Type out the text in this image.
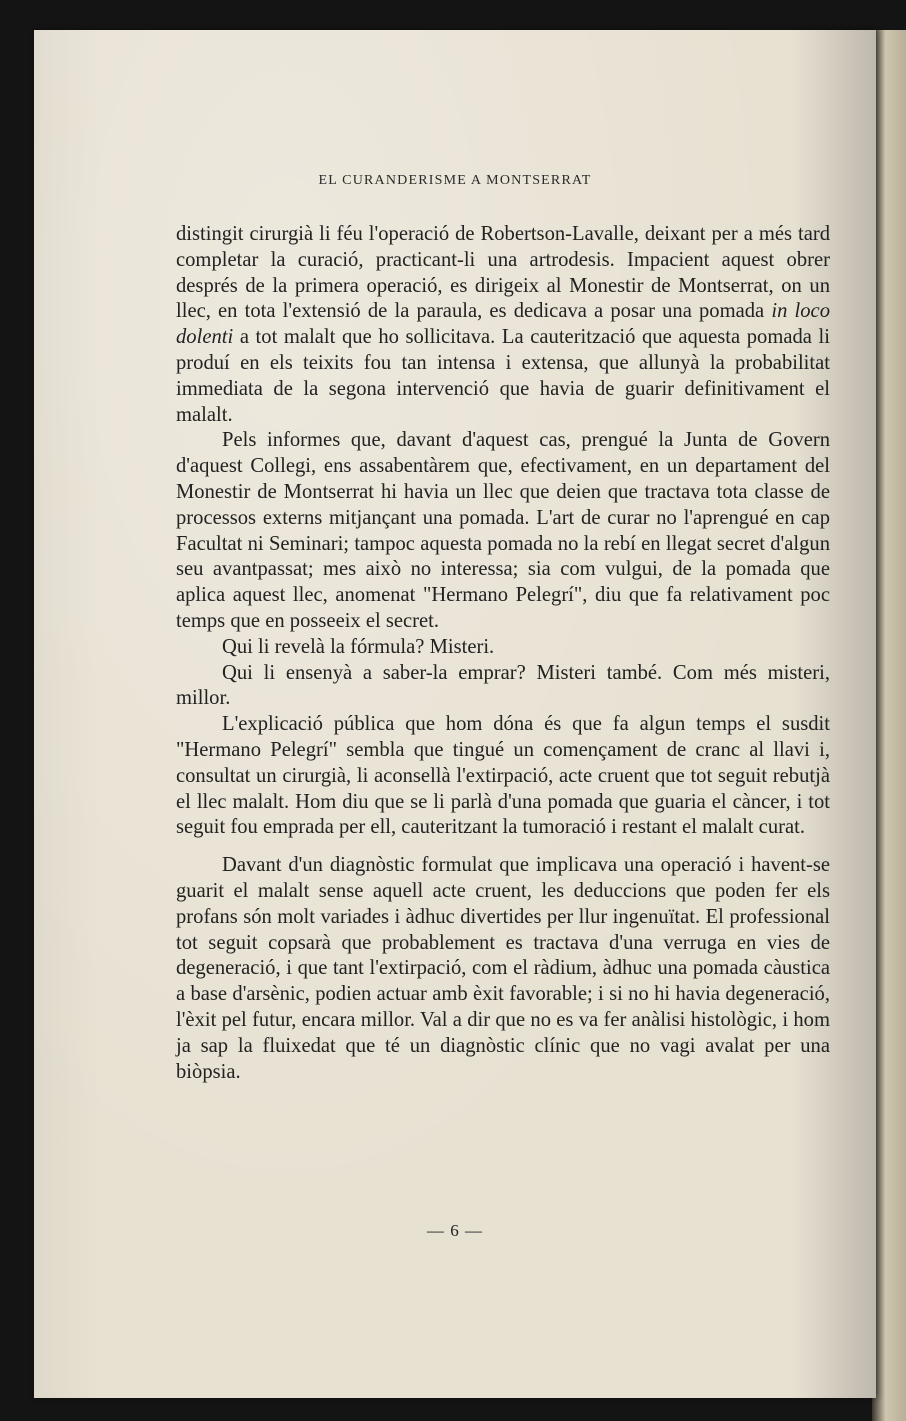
EL CURANDERISME A MONTSERRAT

distingit cirurgià li féu l'operació de Robertson-Lavalle, deixant per a més tard completar la curació, practicant-li una artrodesis. Impacient aquest obrer després de la primera operació, es dirigeix al Monestir de Montserrat, on un llec, en tota l'extensió de la paraula, es dedicava a posar una pomada in loco dolenti a tot malalt que ho sollicitava. La cauterització que aquesta pomada li produí en els teixits fou tan intensa i extensa, que allunyà la probabilitat immediata de la segona intervenció que havia de guarir definitivament el malalt.

Pels informes que, davant d'aquest cas, prengué la Junta de Govern d'aquest Collegi, ens assabentàrem que, efectivament, en un departament del Monestir de Montserrat hi havia un llec que deien que tractava tota classe de processos externs mitjançant una pomada. L'art de curar no l'aprengué en cap Facultat ni Seminari; tampoc aquesta pomada no la rebí en llegat secret d'algun seu avantpassat; mes això no interessa; sia com vulgui, de la pomada que aplica aquest llec, anomenat "Hermano Pelegrí", diu que fa relativament poc temps que en posseeix el secret.

Qui li revelà la fórmula? Misteri.

Qui li ensenyà a saber-la emprar? Misteri també. Com més misteri, millor.

L'explicació pública que hom dóna és que fa algun temps el susdit "Hermano Pelegrí" sembla que tingué un començament de cranc al llavi i, consultat un cirurgià, li aconsellà l'extirpació, acte cruent que tot seguit rebutjà el llec malalt. Hom diu que se li parlà d'una pomada que guaria el càncer, i tot seguit fou emprada per ell, cauteritzant la tumoració i restant el malalt curat.

Davant d'un diagnòstic formulat que implicava una operació i havent-se guarit el malalt sense aquell acte cruent, les deduccions que poden fer els profans són molt variades i àdhuc divertides per llur ingenuïtat. El professional tot seguit copsarà que probablement es tractava d'una verruga en vies de degeneració, i que tant l'extirpació, com el ràdium, àdhuc una pomada càustica a base d'arsènic, podien actuar amb èxit favorable; i si no hi havia degeneració, l'èxit pel futur, encara millor. Val a dir que no es va fer anàlisi histològic, i hom ja sap la fluixedat que té un diagnòstic clínic que no vagi avalat per una biòpsia.

— 6 —
